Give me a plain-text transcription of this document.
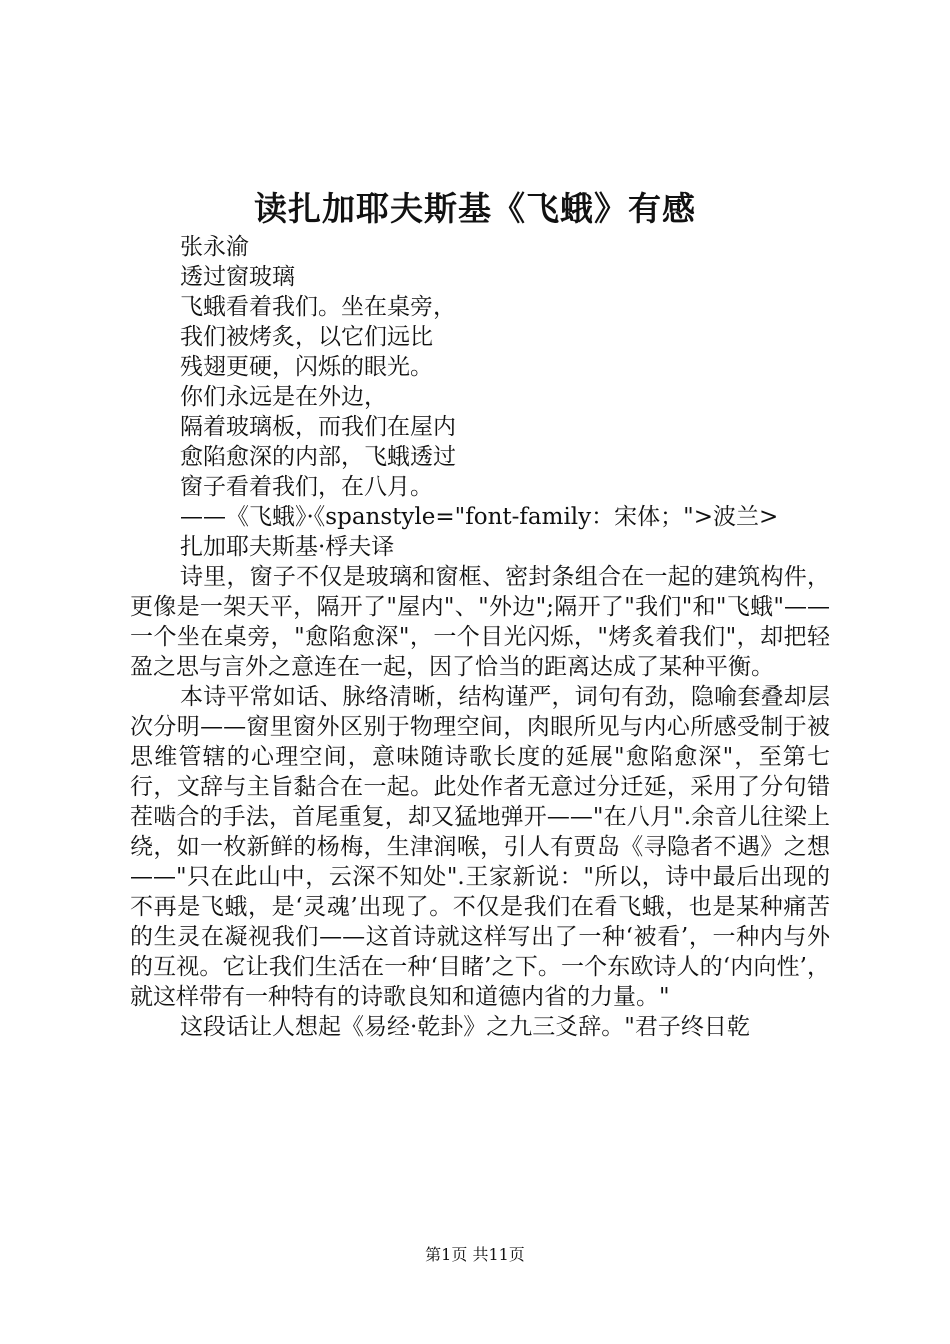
读扎加耶夫斯基《飞蛾》有感

张永渝

透过窗玻璃

飞蛾看着我们。坐在桌旁，

我们被烤炙，以它们远比

残翅更硬，闪烁的眼光。

你们永远是在外边，

隔着玻璃板，而我们在屋内

愈陷愈深的内部，飞蛾透过

窗子看着我们，在八月。

——《飞蛾》·《spanstyle="font-family：宋体；">波兰>

扎加耶夫斯基·桴夫译

诗里，窗子不仅是玻璃和窗框、密封条组合在一起的建筑构件，更像是一架天平，隔开了"屋内"、"外边";隔开了"我们"和"飞蛾"——一个坐在桌旁，"愈陷愈深"，一个目光闪烁，"烤炙着我们"，却把轻盈之思与言外之意连在一起，因了恰当的距离达成了某种平衡。

本诗平常如话、脉络清晰，结构谨严，词句有劲，隐喻套叠却层次分明——窗里窗外区别于物理空间，肉眼所见与内心所感受制于被思维管辖的心理空间，意味随诗歌长度的延展"愈陷愈深"，至第七行，文辞与主旨黏合在一起。此处作者无意过分迁延，采用了分句错茬啮合的手法，首尾重复，却又猛地弹开——"在八月".余音儿往梁上绕，如一枚新鲜的杨梅，生津润喉，引人有贾岛《寻隐者不遇》之想——"只在此山中，云深不知处".王家新说："所以，诗中最后出现的不再是飞蛾，是‘灵魂’出现了。不仅是我们在看飞蛾，也是某种痛苦的生灵在凝视我们——这首诗就这样写出了一种‘被看’，一种内与外的互视。它让我们生活在一种‘目睹’之下。一个东欧诗人的‘内向性’，就这样带有一种特有的诗歌良知和道德内省的力量。"

这段话让人想起《易经·乾卦》之九三爻辞。"君子终日乾

第1页 共11页
